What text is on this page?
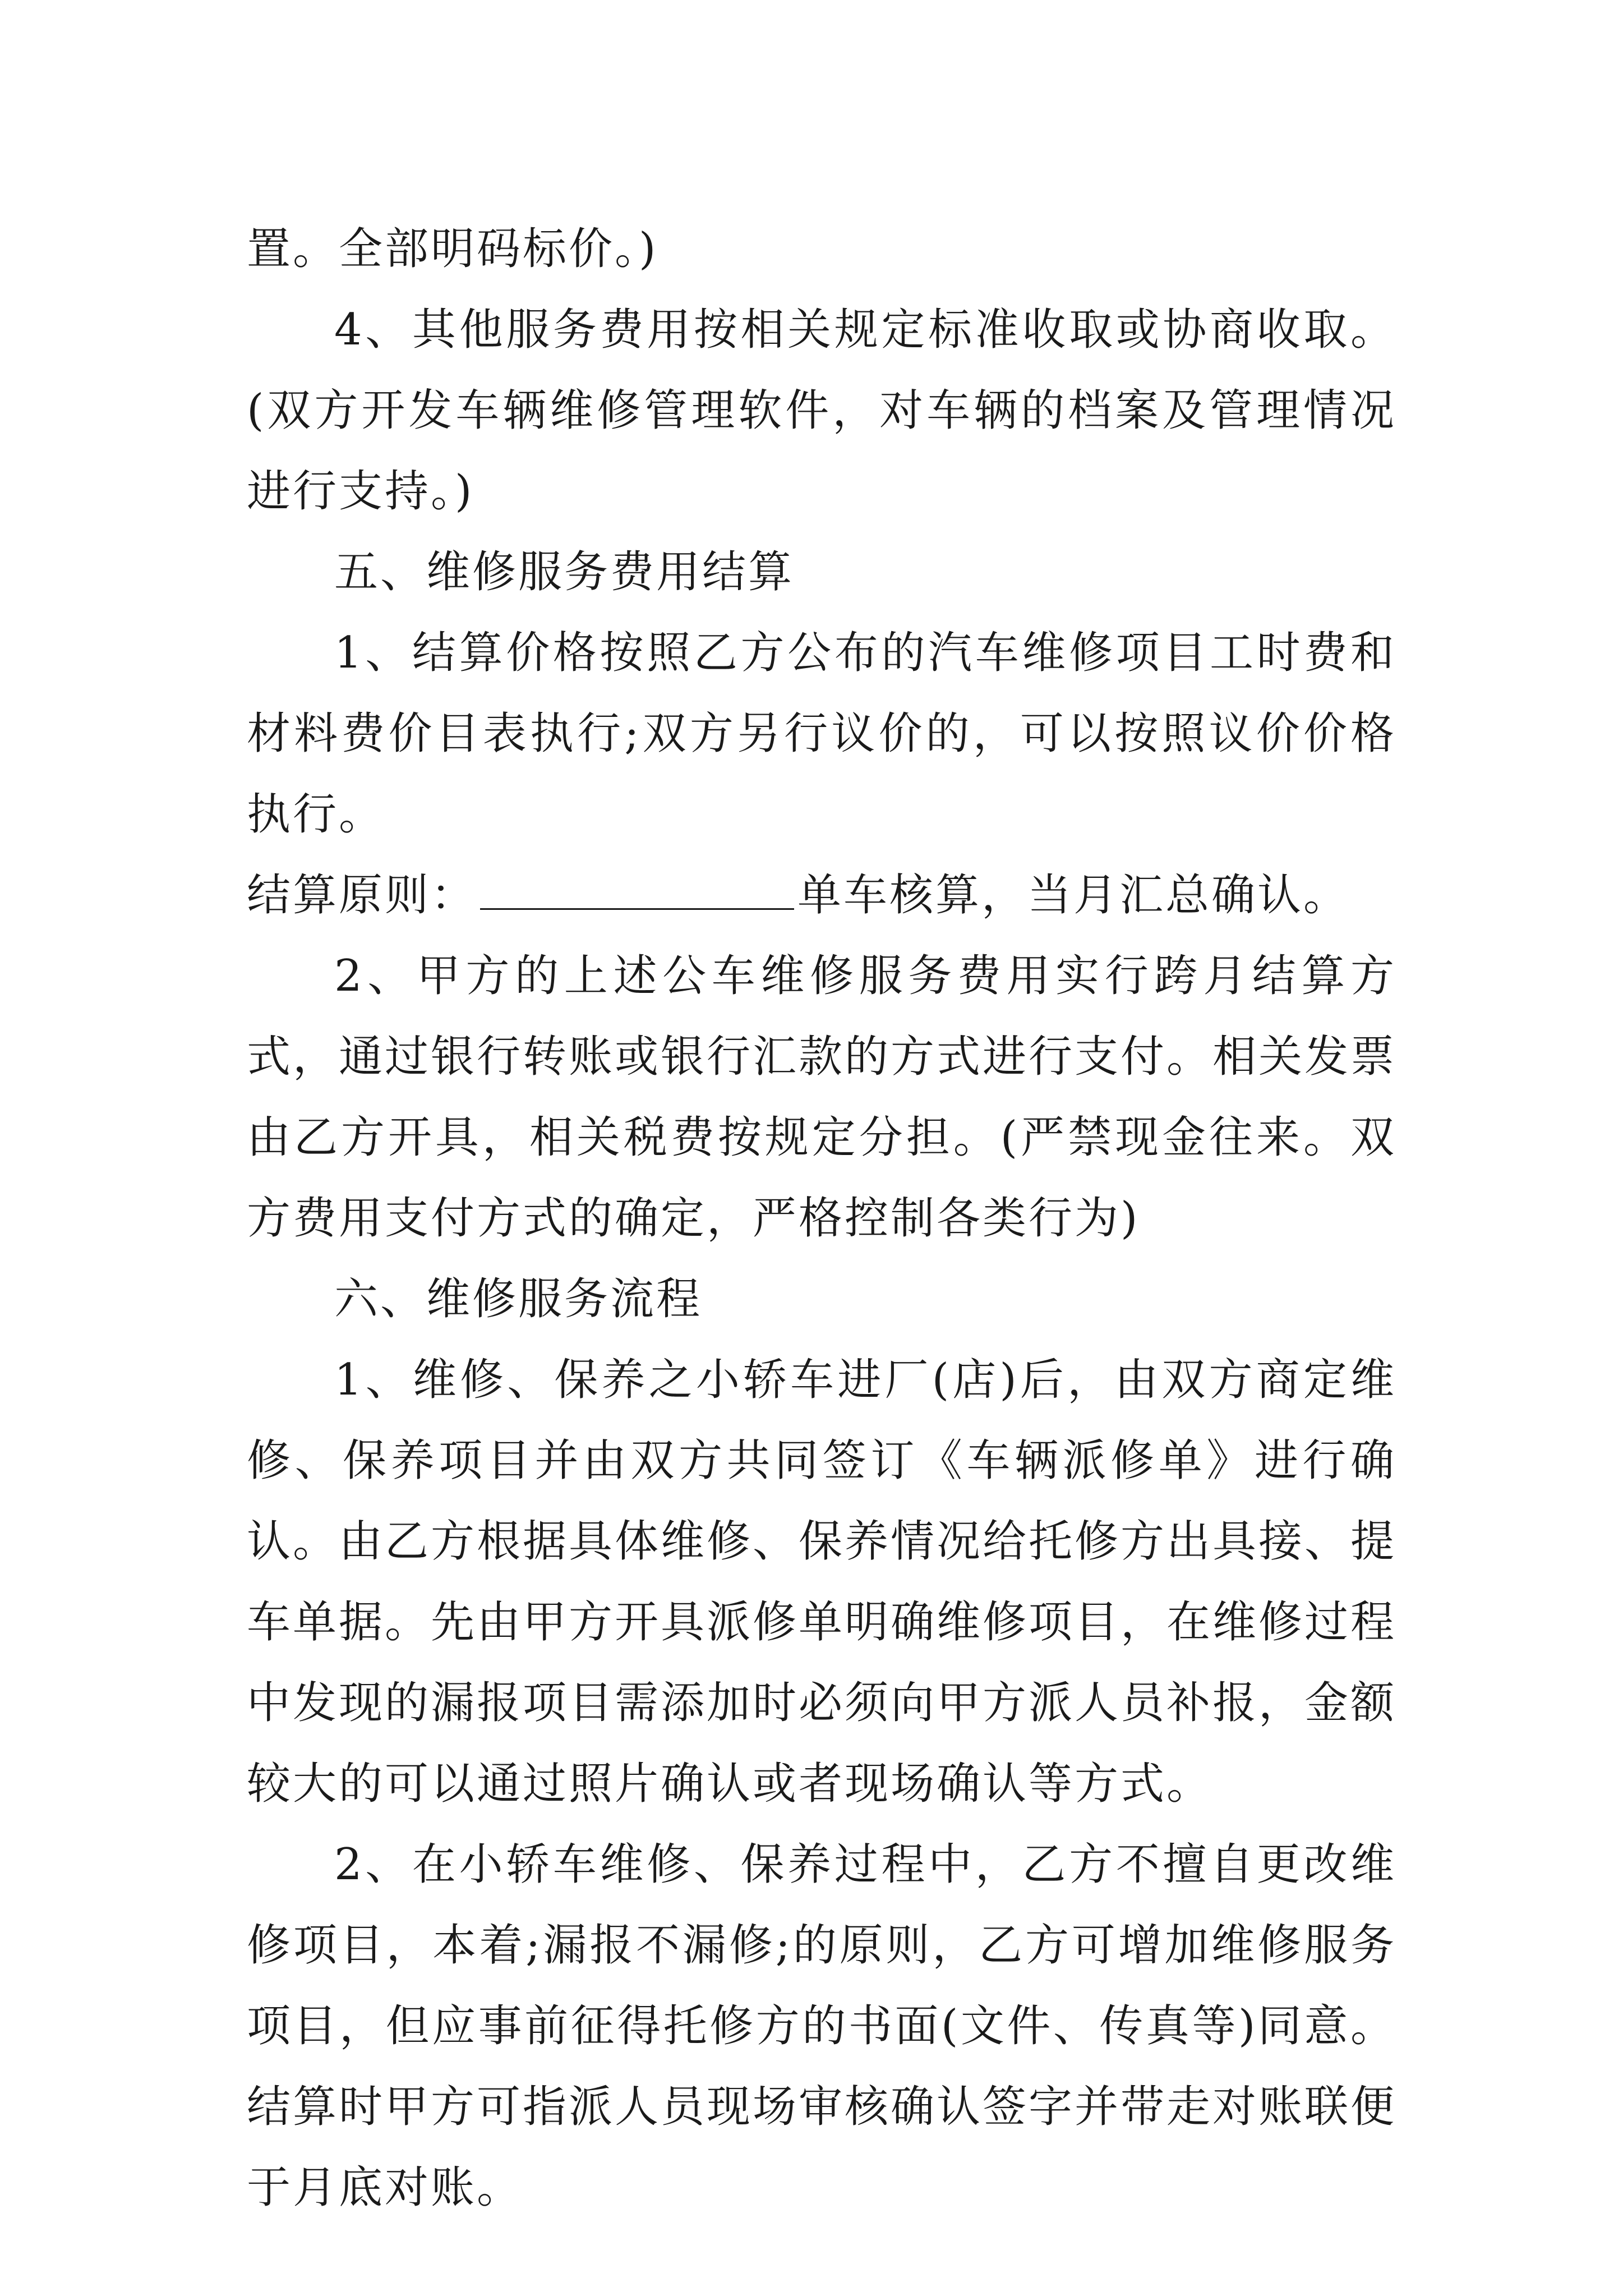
置。全部明码标价。)

4、其他服务费用按相关规定标准收取或协商收取。(双方开发车辆维修管理软件，对车辆的档案及管理情况进行支持。)

五、维修服务费用结算

1、结算价格按照乙方公布的汽车维修项目工时费和材料费价目表执行;双方另行议价的，可以按照议价价格执行。

结算原则：	单车核算，当月汇总确认。

2、甲方的上述公车维修服务费用实行跨月结算方式，通过银行转账或银行汇款的方式进行支付。相关发票由乙方开具，相关税费按规定分担。(严禁现金往来。双方费用支付方式的确定，严格控制各类行为)

六、维修服务流程

1、维修、保养之小轿车进厂(店)后，由双方商定维修、保养项目并由双方共同签订《车辆派修单》进行确认。由乙方根据具体维修、保养情况给托修方出具接、提车单据。先由甲方开具派修单明确维修项目，在维修过程中发现的漏报项目需添加时必须向甲方派人员补报，金额较大的可以通过照片确认或者现场确认等方式。

2、在小轿车维修、保养过程中，乙方不擅自更改维修项目，本着;漏报不漏修;的原则，乙方可增加维修服务项目，但应事前征得托修方的书面(文件、传真等)同意。结算时甲方可指派人员现场审核确认签字并带走对账联便于月底对账。
